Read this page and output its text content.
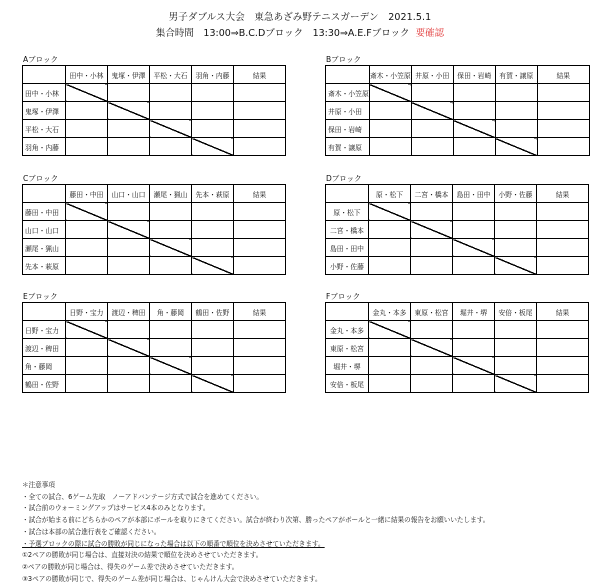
男子ダブルス大会　東急あざみ野テニスガーデン　2021.5.1
集合時間　13:00⇒B.C.Dブロック　13:30⇒A.E.Fブロック 要確認
Aブロック
	田中・小林	鬼塚・伊澤	平松・大石	羽角・内藤	結果
田中・小林					
鬼塚・伊澤					
平松・大石					
羽角・内藤					
Bブロック
	斎木・小笠原	井原・小田	保田・岩崎	有賀・譲原	結果
斎木・小笠原					
井原・小田					
保田・岩崎					
有賀・譲原					
Cブロック
	藤田・中田	山口・山口	瀬尾・猟山	先本・萩原	結果
藤田・中田					
山口・山口					
瀬尾・猟山					
先本・萩原					
Dブロック
	原・松下	二宮・橋本	島田・田中	小野・佐藤	結果
原・松下					
二宮・橋本					
島田・田中					
小野・佐藤					
Eブロック
	日野・宝力	渡辺・稗田	角・藤岡	鶴田・佐野	結果
日野・宝力					
渡辺・稗田					
角・藤岡					
鶴田・佐野					
Fブロック
	金丸・本多	東原・松宮	堀井・堺	安倍・板尾	結果
金丸・本多					
東原・松宮					
堀井・堺					
安倍・板尾					
＊注意事項
・全ての試合、6ゲーム先取　ノーアドバンテージ方式で試合を進めてください。
・試合前のウォーミングアップはサービス4本のみとなります。
・試合が始まる前にどちらかのペアが本部にボールを取りにきてください。試合が終わり次第、勝ったペアがボールと一緒に結果の報告をお願いいたします。
・試合は本部の試合進行表をご確認ください。
・予選ブロックの際に試合の勝敗が同じになった場合は以下の順番で順位を決めさせていただきます。
①2ペアの勝敗が同じ場合は、直接対決の結果で順位を決めさせていただきます。
②ペアの勝敗が同じ場合は、得失のゲーム差で決めさせていただきます。
③3ペアの勝敗が同じで、得失のゲーム差が同じ場合は、じゃんけん大会で決めさせていただきます。
